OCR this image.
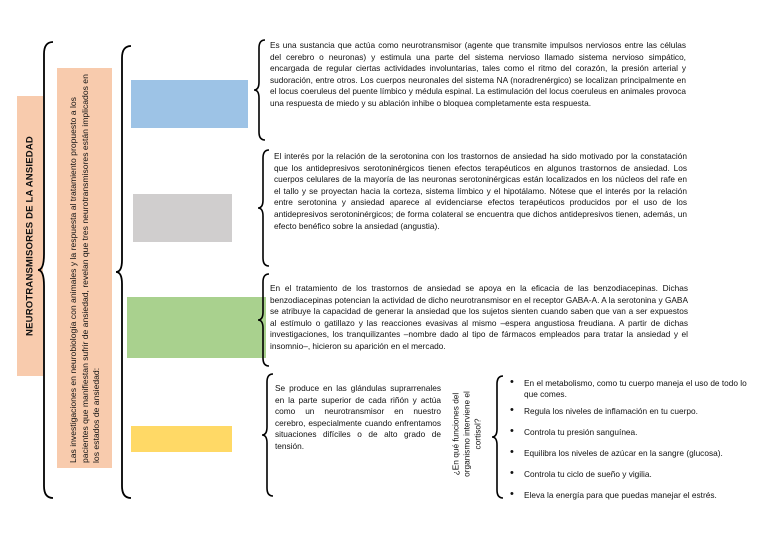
NEUROTRANSMISORES DE LA ANSIEDAD	Las investigaciones en neurobiología con animales y la respuesta al tratamiento propuesto a los pacientes que manifiestan sufrir de ansiedad, revelan que tres neurotransmisores están implicados en los estados de ansiedad:
Es una sustancia que actúa como neurotransmisor (agente que transmite impulsos nerviosos entre las células del cerebro o neuronas) y estimula una parte del sistema nervioso llamado sistema nervioso simpático, encargada de regular ciertas actividades involuntarias, tales como el ritmo del corazón, la presión arterial y sudoración, entre otros. Los cuerpos neuronales del sistema NA (noradrenérgico) se localizan principalmente en el locus coeruleus del puente límbico y médula espinal. La estimulación del locus coeruleus en animales provoca una respuesta de miedo y su ablación inhibe o bloquea completamente esta respuesta.
El interés por la relación de la serotonina con los trastornos de ansiedad ha sido motivado por la constatación que los antidepresivos serotoninérgicos tienen efectos terapéuticos en algunos trastornos de ansiedad. Los cuerpos celulares de la mayoría de las neuronas serotoninérgicas están localizados en los núcleos del rafe en el tallo y se proyectan hacia la corteza, sistema límbico y el hipotálamo. Nótese que el interés por la relación entre serotonina y ansiedad aparece al evidenciarse efectos terapéuticos producidos por el uso de los antidepresivos serotoninérgicos; de forma colateral se encuentra que dichos antidepresivos tienen, además, un efecto benéfico sobre la ansiedad (angustia).
En el tratamiento de los trastornos de ansiedad se apoya en la eficacia de las benzodiacepinas. Dichas benzodiacepinas potencian la actividad de dicho neurotransmisor en el receptor GABA-A. A la serotonina y GABA se atribuye la capacidad de generar la ansiedad que los sujetos sienten cuando saben que van a ser expuestos al estímulo o gatillazo y las reacciones evasivas al mismo –espera angustiosa freudiana. A partir de dichas investigaciones, los tranquilizantes –nombre dado al tipo de fármacos empleados para tratar la ansiedad y el insomnio–, hicieron su aparición en el mercado.
Se produce en las glándulas suprarrenales en la parte superior de cada riñón y actúa como un neurotransmisor en nuestro cerebro, especialmente cuando enfrentamos situaciones difíciles o de alto grado de tensión.	¿En qué funciones del organismo interviene el cortisol?
• En el metabolismo, como tu cuerpo maneja el uso de todo lo que comes.
• Regula los niveles de inflamación en tu cuerpo.
• Controla tu presión sanguínea.
• Equilibra los niveles de azúcar en la sangre (glucosa).
• Controla tu ciclo de sueño y vigilia.
• Eleva la energía para que puedas manejar el estrés.
